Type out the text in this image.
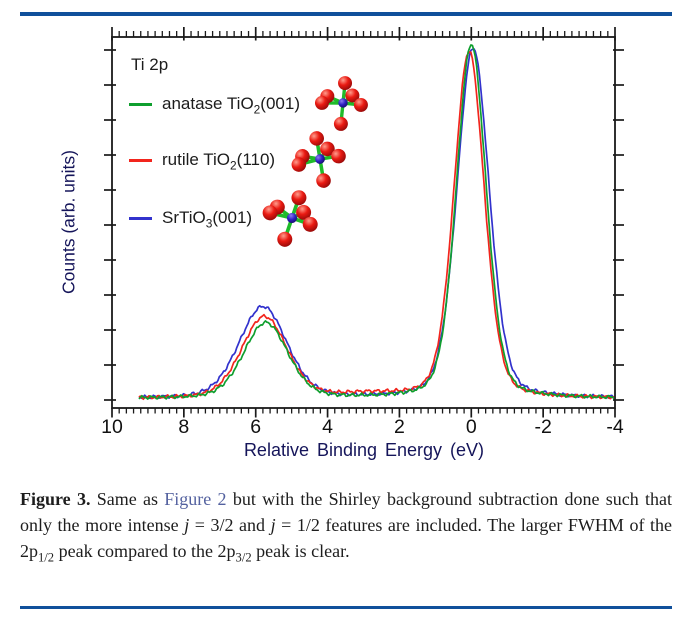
10	8	6	4	2	0	-2	-4
Ti 2p
anatase TiO$_2$(001)
rutile TiO$_2$(110)
SrTiO$_3$(001)
Counts (arb. units)
Relative Binding Energy (eV)
Figure 3. Same as Figure 2 but with the Shirley background subtraction done such that only the more intense j = 3/2 and j = 1/2 features are included. The larger FWHM of the $2p_{1/2}$ peak compared to the $2p_{3/2}$ peak is clear.
